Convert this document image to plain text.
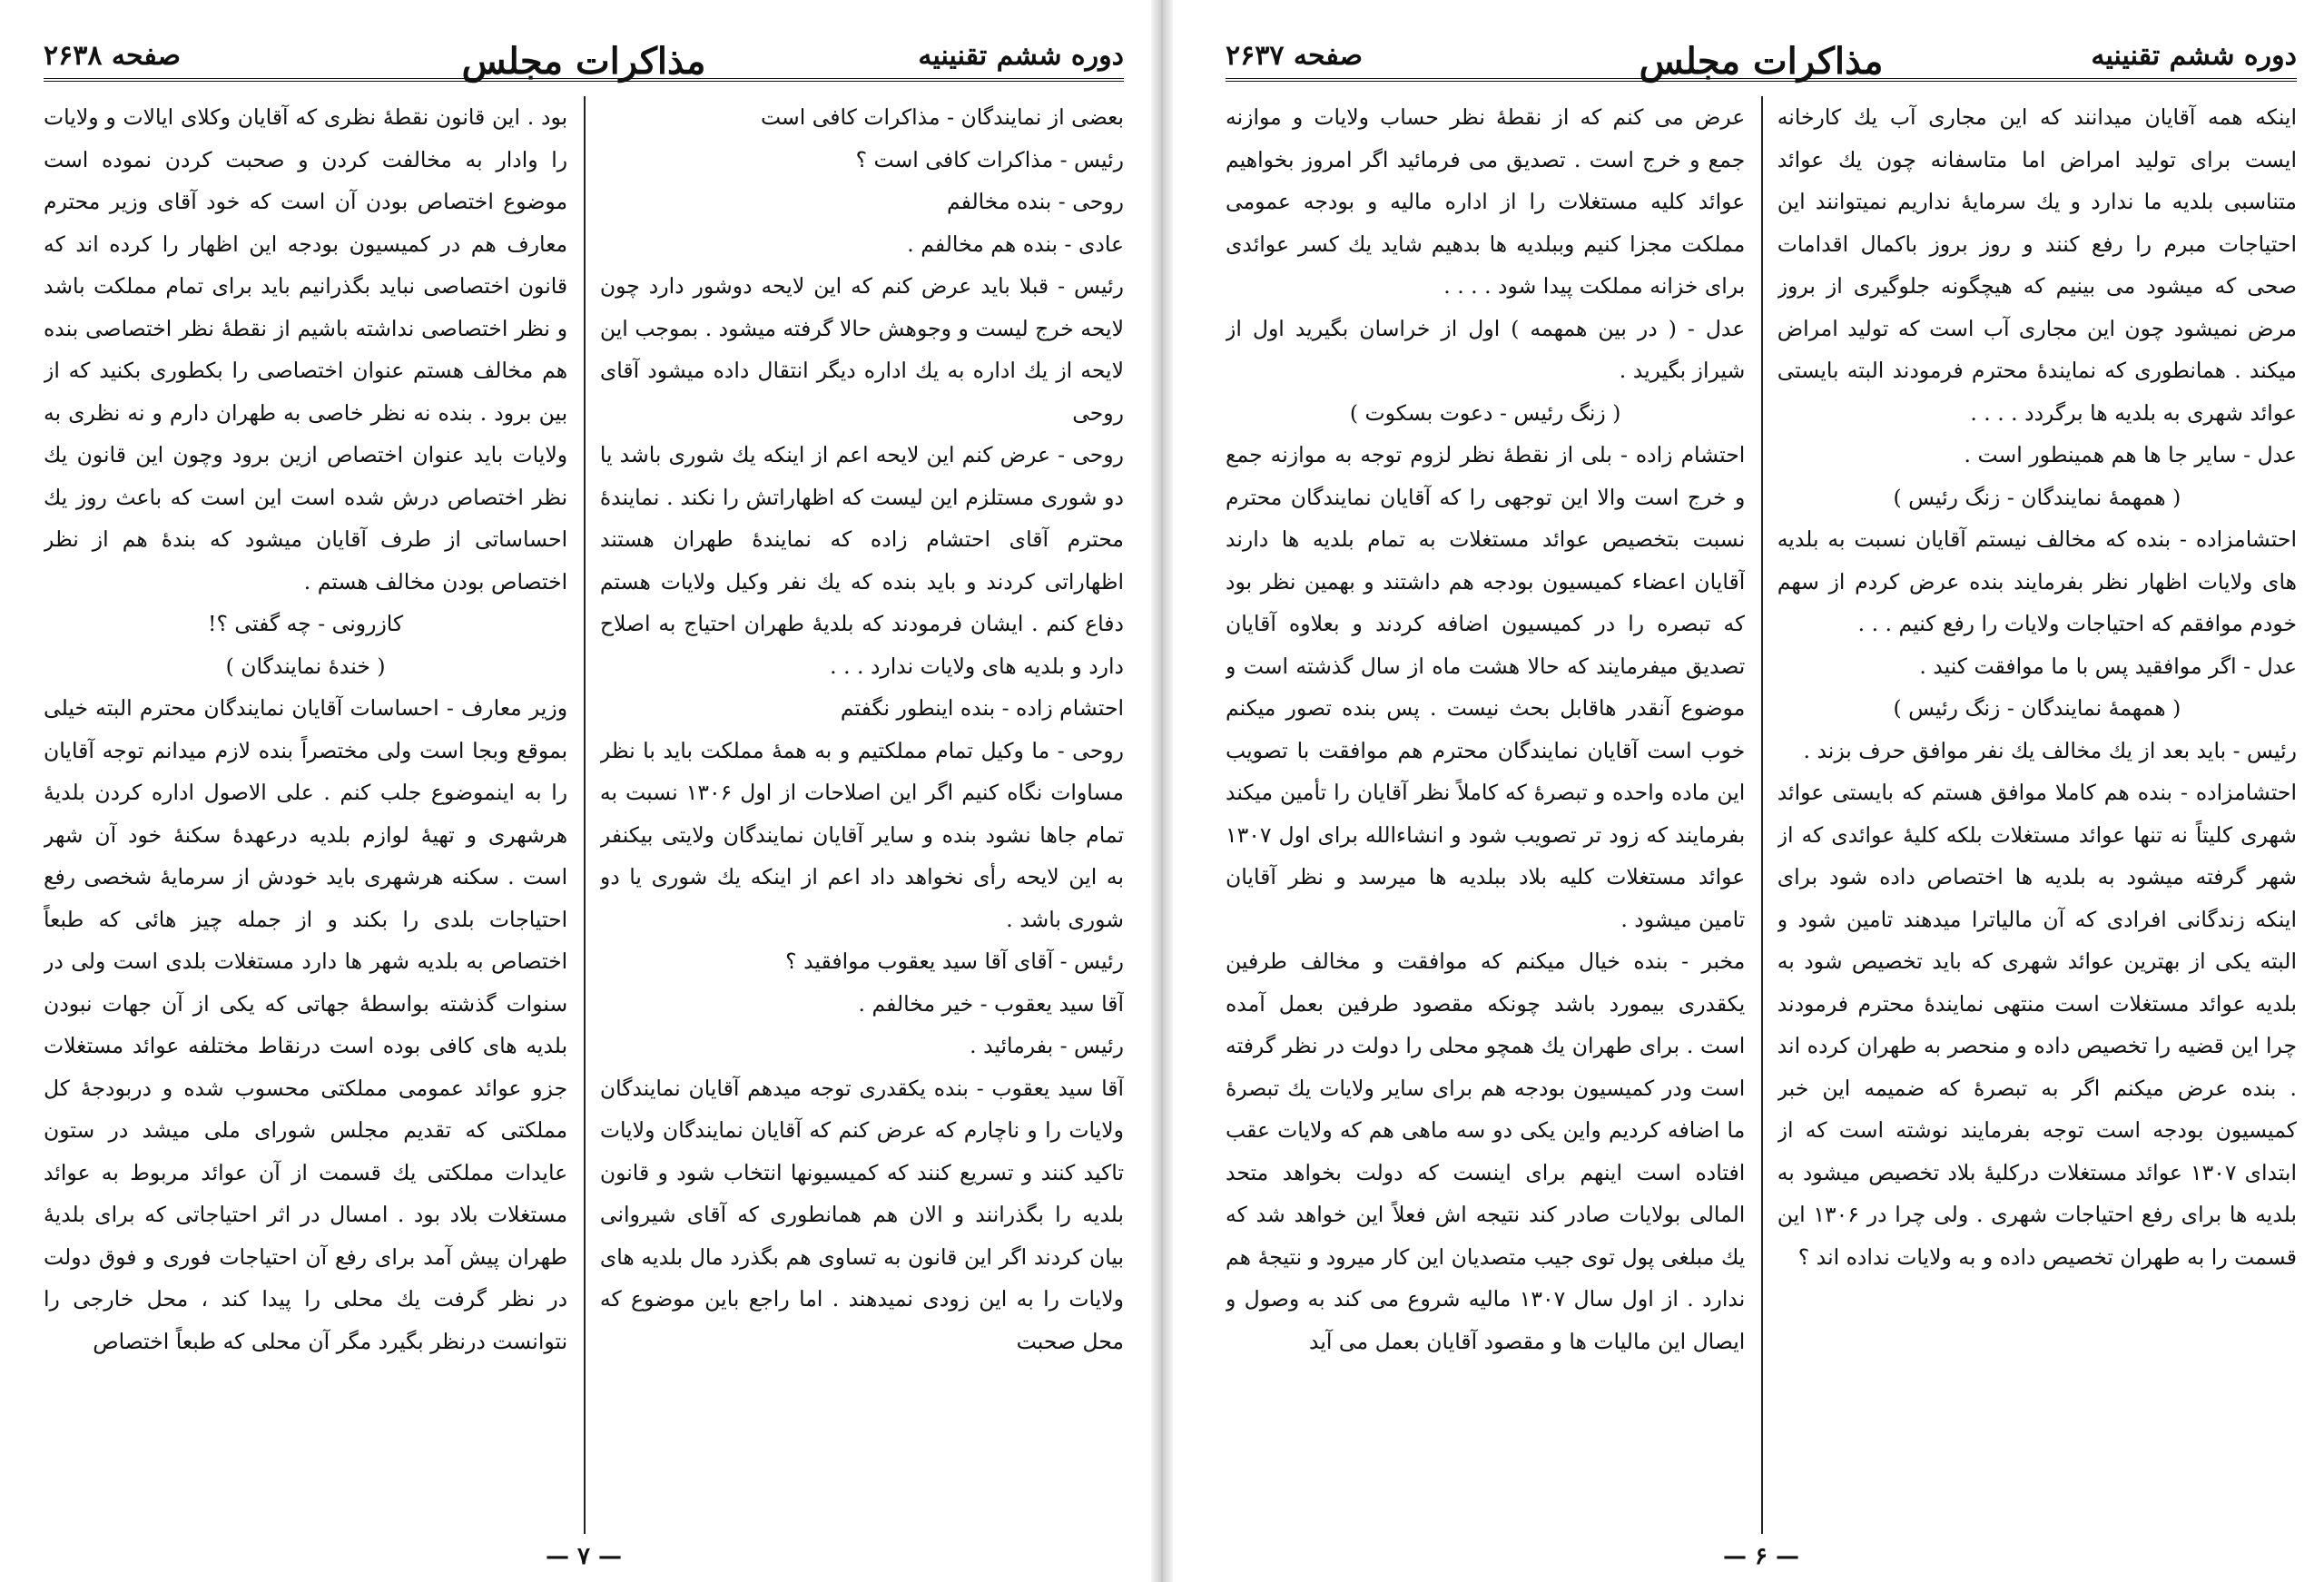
دوره ششم تقنینیه
مذاکرات مجلس
صفحه ۲۶۳۸

بعضی از نمایندگان - مذاکرات کافی است

رئیس - مذاکرات کافی است ؟

روحی - بنده مخالفم

عادی - بنده هم مخالفم .

رئیس - قبلا باید عرض کنم که این لایحه دوشور دارد چون لایحه خرج لیست و وجوهش حالا گرفته میشود . بموجب این لایحه از یك اداره به یك اداره دیگر انتقال داده میشود آقای روحی

روحی - عرض کنم این لایحه اعم از اینکه یك شوری باشد یا دو شوری مستلزم این لیست که اظهاراتش را نکند . نمایندهٔ محترم آقای احتشام زاده که نمایندهٔ طهران هستند اظهاراتی کردند و باید بنده که یك نفر وکیل ولایات هستم دفاع کنم . ایشان فرمودند که بلدیهٔ طهران احتیاج به اصلاح دارد و بلدیه های ولایات ندارد . . .

احتشام زاده - بنده اینطور نگفتم

روحی - ما وکیل تمام مملکتیم و به همهٔ مملکت باید با نظر مساوات نگاه کنیم اگر این اصلاحات از اول ۱۳۰۶ نسبت به تمام جاها نشود بنده و سایر آقایان نمایندگان ولایتی بیکنفر به این لایحه رأی نخواهد داد اعم از اینکه یك شوری یا دو شوری باشد .

رئیس - آقای آقا سید یعقوب موافقید ؟

آقا سید یعقوب - خیر مخالفم .

رئیس - بفرمائید .

آقا سید یعقوب - بنده یکقدری توجه میدهم آقایان نمایندگان ولایات را و ناچارم که عرض کنم که آقایان نمایندگان ولایات تاکید کنند و تسریع کنند که کمیسیونها انتخاب شود و قانون بلدیه را بگذرانند و الان هم همانطوری که آقای شیروانی بیان کردند اگر این قانون به تساوی هم بگذرد مال بلدیه های ولایات را به این زودی نمیدهند . اما راجع باین موضوع که محل صحبت

بود . این قانون نقطهٔ نظری که آقایان وکلای ایالات و ولایات را وادار به مخالفت کردن و صحبت کردن نموده است موضوع اختصاص بودن آن است که خود آقای وزیر محترم معارف هم در کمیسیون بودجه این اظهار را کرده اند که قانون اختصاصی نباید بگذرانیم باید برای تمام مملکت باشد و نظر اختصاصی نداشته باشیم از نقطهٔ نظر اختصاصی بنده هم مخالف هستم عنوان اختصاصی را بکطوری بکنید که از بین برود . بنده نه نظر خاصی به طهران دارم و نه نظری به ولایات باید عنوان اختصاص ازین برود وچون این قانون یك نظر اختصاص درش شده است این است که باعث روز یك احساساتی از طرف آقایان میشود که بندهٔ هم از نظر اختصاص بودن مخالف هستم .

کازرونی - چه گفتی ؟!

( خندهٔ نمایندگان )

وزیر معارف - احساسات آقایان نمایندگان محترم البته خیلی بموقع وبجا است ولی مختصراً بنده لازم میدانم توجه آقایان را به اینموضوع جلب کنم . علی الاصول اداره کردن بلدیهٔ هرشهری و تهیهٔ لوازم بلدیه درعهدهٔ سکنهٔ خود آن شهر است . سکنه هرشهری باید خودش از سرمایهٔ شخصی رفع احتیاجات بلدی را بکند و از جمله چیز هائی که طبعاً اختصاص به بلدیه شهر ها دارد مستغلات بلدی است ولی در سنوات گذشته بواسطهٔ جهاتی که یکی از آن جهات نبودن بلدیه های کافی بوده است درنقاط مختلفه عوائد مستغلات جزو عوائد عمومی مملکتی محسوب شده و دربودجهٔ کل مملکتی که تقدیم مجلس شورای ملی میشد در ستون عایدات مملکتی یك قسمت از آن عوائد مربوط به عوائد مستغلات بلاد بود . امسال در اثر احتیاجاتی که برای بلدیهٔ طهران پیش آمد برای رفع آن احتیاجات فوری و فوق دولت در نظر گرفت یك محلی را پیدا کند ، محل خارجی را نتوانست درنظر بگیرد مگر آن محلی که طبعاً اختصاص

— ۷ —
دوره ششم تقنینیه
مذاکرات مجلس
صفحه ۲۶۳۷

اینکه همه آقایان میدانند که این مجاری آب یك کارخانه ایست برای تولید امراض اما متاسفانه چون یك عوائد متناسبی بلدیه ما ندارد و یك سرمایهٔ نداریم نمیتوانند این احتیاجات مبرم را رفع کنند و روز بروز باکمال اقدامات صحی که میشود می بینیم که هیچگونه جلوگیری از بروز مرض نمیشود چون این مجاری آب است که تولید امراض میکند . همانطوری که نمایندهٔ محترم فرمودند البته بایستی عوائد شهری به بلدیه ها برگردد . . . .

عدل - سایر جا ها هم همینطور است .

( همهمهٔ نمایندگان - زنگ رئیس )

احتشامزاده - بنده که مخالف نیستم آقایان نسبت به بلدیه های ولایات اظهار نظر بفرمایند بنده عرض کردم از سهم خودم موافقم که احتیاجات ولایات را رفع کنیم . . .

عدل - اگر موافقید پس با ما موافقت کنید .

( همهمهٔ نمایندگان - زنگ رئیس )

رئیس - باید بعد از یك مخالف یك نفر موافق حرف بزند .

احتشامزاده - بنده هم کاملا موافق هستم که بایستی عوائد شهری کلیتاً نه تنها عوائد مستغلات بلکه کلیهٔ عوائدی که از شهر گرفته میشود به بلدیه ها اختصاص داده شود برای اینکه زندگانی افرادی که آن مالیاترا میدهند تامین شود و البته یکی از بهترین عوائد شهری که باید تخصیص شود به بلدیه عوائد مستغلات است منتهی نمایندهٔ محترم فرمودند چرا این قضیه را تخصیص داده و منحصر به طهران کرده اند . بنده عرض میکنم اگر به تبصرهٔ که ضمیمه این خبر کمیسیون بودجه است توجه بفرمایند نوشته است که از ابتدای ۱۳۰۷ عوائد مستغلات درکلیهٔ بلاد تخصیص میشود به بلدیه ها برای رفع احتیاجات شهری . ولی چرا در ۱۳۰۶ این قسمت را به طهران تخصیص داده و به ولایات نداده اند ؟

عرض می کنم که از نقطهٔ نظر حساب ولایات و موازنه جمع و خرج است . تصدیق می فرمائید اگر امروز بخواهیم عوائد کلیه مستغلات را از اداره مالیه و بودجه عمومی مملکت مجزا کنیم وببلدیه ها بدهیم شاید یك کسر عوائدی برای خزانه مملکت پیدا شود . . . .

عدل - ( در بین همهمه ) اول از خراسان بگیرید اول از شیراز بگیرید .

( زنگ رئیس - دعوت بسکوت )

احتشام زاده - بلی از نقطهٔ نظر لزوم توجه به موازنه جمع و خرج است والا این توجهی را که آقایان نمایندگان محترم نسبت بتخصیص عوائد مستغلات به تمام بلدیه ها دارند آقایان اعضاء کمیسیون بودجه هم داشتند و بهمین نظر بود که تبصره را در کمیسیون اضافه کردند و بعلاوه آقایان تصدیق میفرمایند که حالا هشت ماه از سال گذشته است و موضوع آنقدر هاقابل بحث نیست . پس بنده تصور میکنم خوب است آقایان نمایندگان محترم هم موافقت با تصویب این ماده واحده و تبصرهٔ که کاملاً نظر آقایان را تأمین میکند بفرمایند که زود تر تصویب شود و انشاءالله برای اول ۱۳۰۷ عوائد مستغلات کلیه بلاد ببلدیه ها میرسد و نظر آقایان تامین میشود .

مخبر - بنده خیال میکنم که موافقت و مخالف طرفین یکقدری بیمورد باشد چونکه مقصود طرفین بعمل آمده است . برای طهران یك همچو محلی را دولت در نظر گرفته است ودر کمیسیون بودجه هم برای سایر ولایات یك تبصرهٔ ما اضافه کردیم واین یکی دو سه ماهی هم که ولایات عقب افتاده است اینهم برای اینست که دولت بخواهد متحد المالی بولایات صادر کند نتیجه اش فعلاً این خواهد شد که یك مبلغی پول توی جیب متصدیان این کار میرود و نتیجهٔ هم ندارد . از اول سال ۱۳۰۷ مالیه شروع می کند به وصول و ایصال این مالیات ها و مقصود آقایان بعمل می آید

— ۶ —
